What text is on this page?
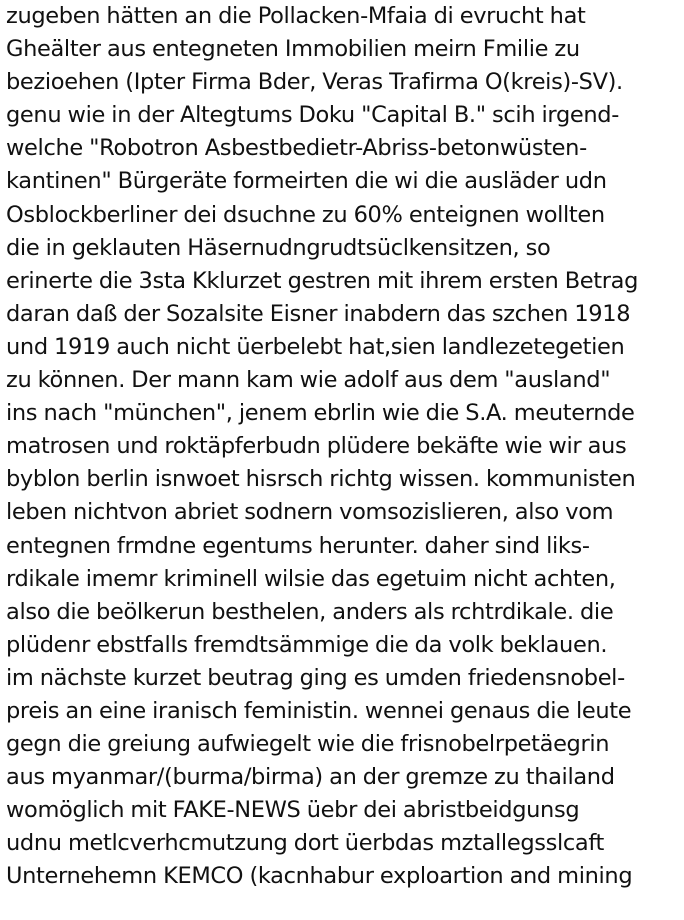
zugeben hätten an die Pollacken-Mfaia di evrucht hat
Gheälter aus entegneten Immobilien meirn Fmilie zu
bezioehen (Ipter Firma Bder, Veras Trafirma O(kreis)-SV).
genu wie in der Altegtums Doku "Capital B." scih irgend-
welche "Robotron Asbestbedietr-Abriss-betonwüsten-
kantinen" Bürgeräte formeirten die wi die ausläder udn
Osblockberliner dei dsuchne zu 60% enteignen wollten
die in geklauten Häsernudngrudtsüclkensitzen, so
erinerte die 3sta Kklurzet gestren mit ihrem ersten Betrag
daran daß der Sozalsite Eisner inabdern das szchen 1918
und 1919 auch nicht üerbelebt hat,sien landlezetegetien
zu können. Der mann kam wie adolf aus dem "ausland"
ins nach "münchen", jenem ebrlin wie die S.A. meuternde
matrosen und roktäpferbudn plüdere bekäfte wie wir aus
byblon berlin isnwoet hisrsch richtg wissen. kommunisten
leben nichtvon abriet sodnern vomsozislieren, also vom
entegnen frmdne egentums herunter. daher sind liks-
rdikale imemr kriminell wilsie das egetuim nicht achten,
also die beölkerun besthelen, anders als rchtrdikale. die
plüdenr ebstfalls fremdtsämmige die da volk beklauen.
im nächste kurzet beutrag ging es umden friedensnobel-
preis an eine iranisch feministin. wennei genaus die leute
gegn die greiung aufwiegelt wie die frisnobelrpetäegrin
aus myanmar/(burma/birma) an der gremze zu thailand
womöglich mit FAKE-NEWS üebr dei abristbeidgunsg
udnu metlcverhcmutzung dort üerbdas mztallegsslcaft
Unternehemn KEMCO (kacnhabur exploartion and mining
